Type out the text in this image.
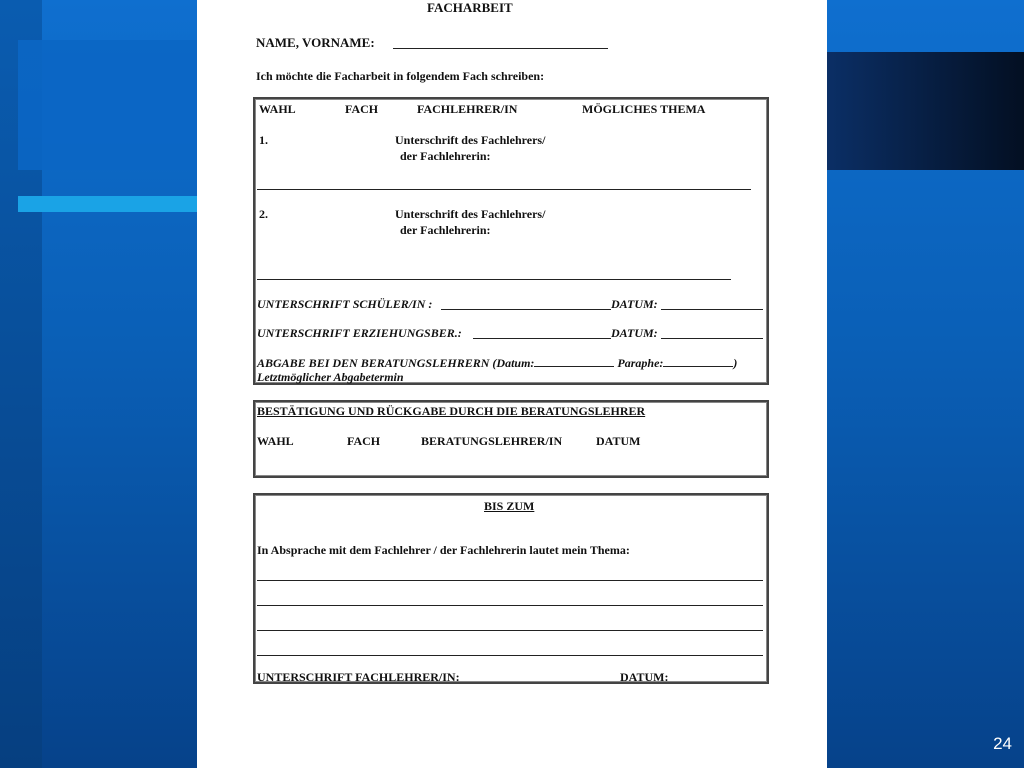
24
FACHARBEIT
NAME, VORNAME:
Ich möchte die Facharbeit in folgendem Fach schreiben:
WAHL	FACH	FACHLEHRER/IN	MÖGLICHES THEMA
1.	Unterschrift des Fachlehrers/
der Fachlehrerin:
2.	Unterschrift des Fachlehrers/
der Fachlehrerin:
UNTERSCHRIFT SCHÜLER/IN :	DATUM:
UNTERSCHRIFT ERZIEHUNGSBER.:	DATUM:
ABGABE BEI DEN BERATUNGSLEHRERN (Datum:	Paraphe:	)
Letztmöglicher Abgabetermin
BESTÄTIGUNG UND RÜCKGABE DURCH DIE BERATUNGSLEHRER
WAHL	FACH	BERATUNGSLEHRER/IN	DATUM
BIS ZUM
In Absprache mit dem Fachlehrer / der Fachlehrerin lautet mein Thema:
UNTERSCHRIFT FACHLEHRER/IN:	DATUM:
